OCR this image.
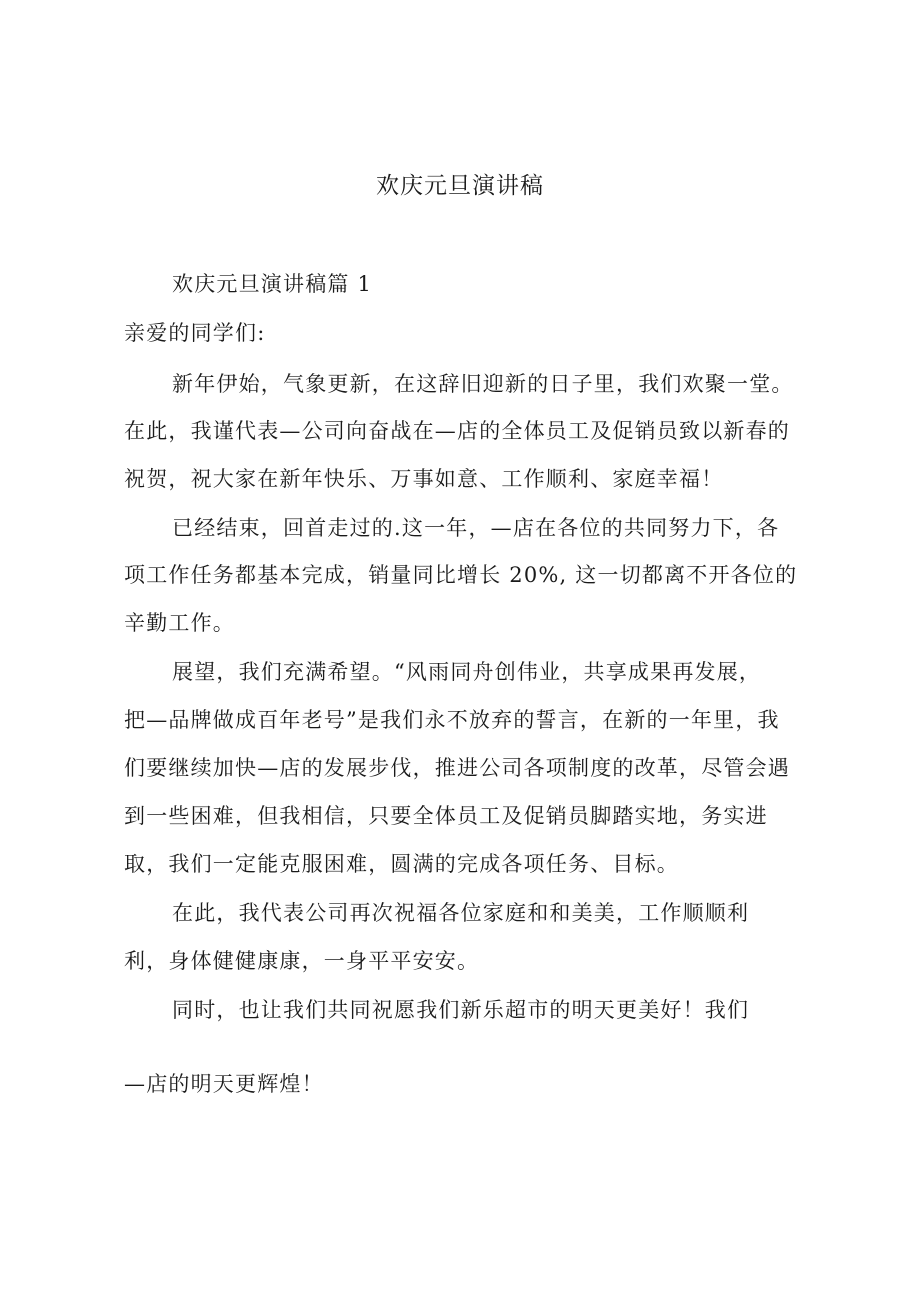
欢庆元旦演讲稿
欢庆元旦演讲稿篇 1
亲爱的同学们:
新年伊始，气象更新，在这辞旧迎新的日子里，我们欢聚一堂。
在此，我谨代表—公司向奋战在—店的全体员工及促销员致以新春的
祝贺，祝大家在新年快乐、万事如意、工作顺利、家庭幸福！
已经结束，回首走过的.这一年，—店在各位的共同努力下，各
项工作任务都基本完成，销量同比增长 20%, 这一切都离不开各位的
辛勤工作。
展望，我们充满希望。“风雨同舟创伟业，共享成果再发展，
把—品牌做成百年老号”是我们永不放弃的誓言，在新的一年里，我
们要继续加快—店的发展步伐，推进公司各项制度的改革，尽管会遇
到一些困难，但我相信，只要全体员工及促销员脚踏实地，务实进
取，我们一定能克服困难，圆满的完成各项任务、目标。
在此，我代表公司再次祝福各位家庭和和美美，工作顺顺利
利，身体健健康康，一身平平安安。
同时，也让我们共同祝愿我们新乐超市的明天更美好！我们
—店的明天更辉煌！
